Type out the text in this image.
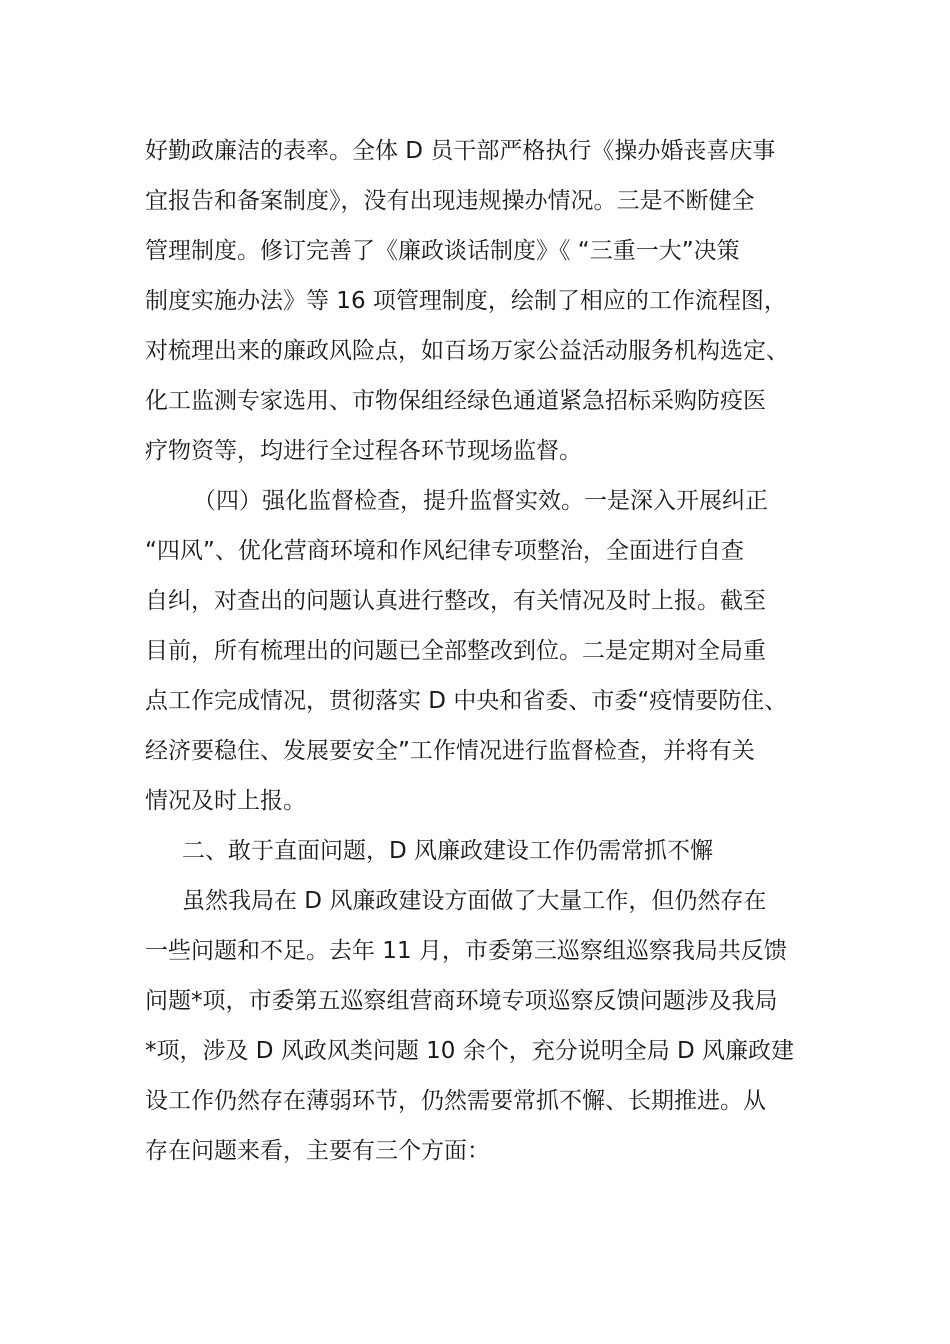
好勤政廉洁的表率。全体 D 员干部严格执行《操办婚丧喜庆事
宜报告和备案制度》，没有出现违规操办情况。三是不断健全
管理制度。修订完善了《廉政谈话制度》《 “三重一大”决策
制度实施办法》等 16 项管理制度，绘制了相应的工作流程图，
对梳理出来的廉政风险点，如百场万家公益活动服务机构选定、
化工监测专家选用、市物保组经绿色通道紧急招标采购防疫医
疗物资等，均进行全过程各环节现场监督。
（四）强化监督检查，提升监督实效。一是深入开展纠正
“四风”、优化营商环境和作风纪律专项整治，全面进行自查
自纠，对查出的问题认真进行整改，有关情况及时上报。截至
目前，所有梳理出的问题已全部整改到位。二是定期对全局重
点工作完成情况，贯彻落实 D 中央和省委、市委“疫情要防住、
经济要稳住、发展要安全”工作情况进行监督检查，并将有关
情况及时上报。
二、敢于直面问题，D 风廉政建设工作仍需常抓不懈
虽然我局在 D 风廉政建设方面做了大量工作，但仍然存在
一些问题和不足。去年 11 月，市委第三巡察组巡察我局共反馈
问题*项，市委第五巡察组营商环境专项巡察反馈问题涉及我局
*项，涉及 D 风政风类问题 10 余个，充分说明全局 D 风廉政建
设工作仍然存在薄弱环节，仍然需要常抓不懈、长期推进。从
存在问题来看，主要有三个方面：
